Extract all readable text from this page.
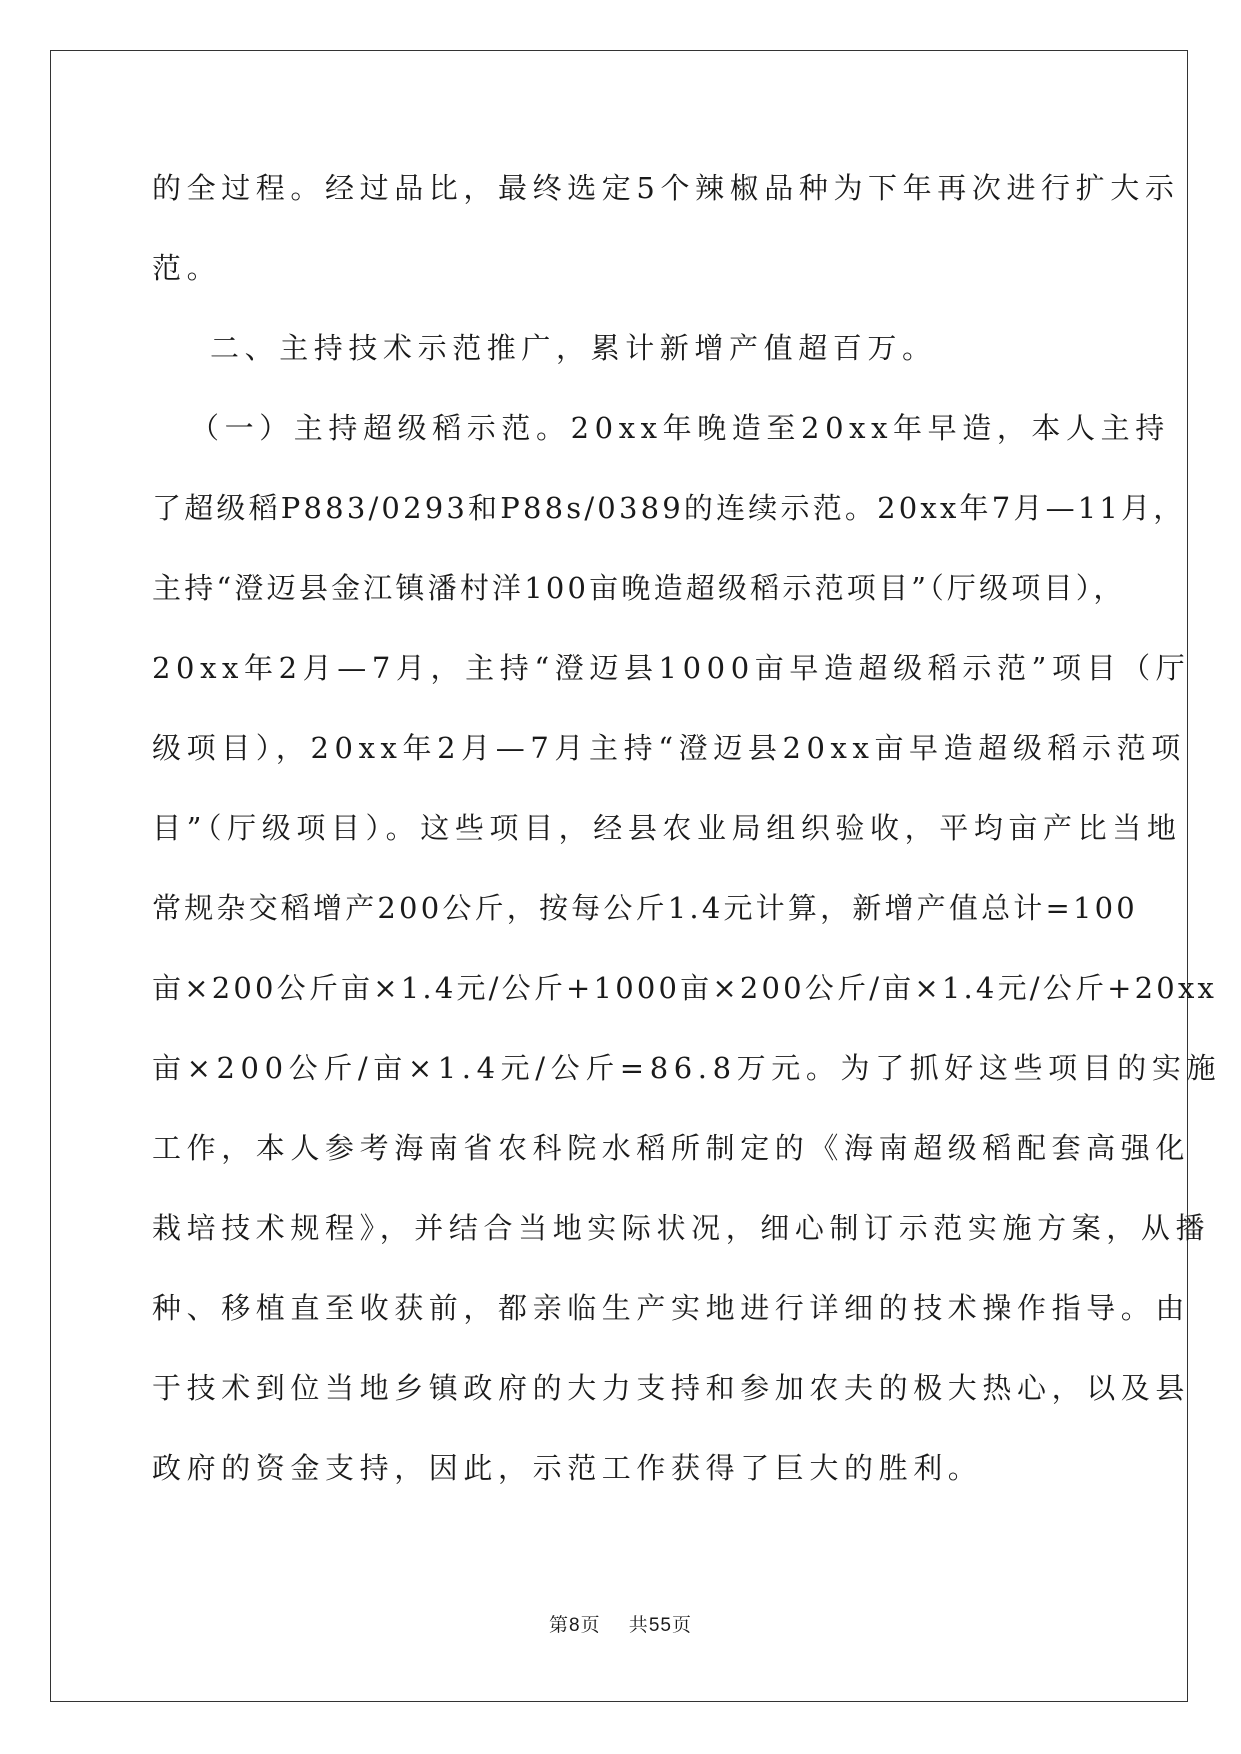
的全过程。经过品比，最终选定5个辣椒品种为下年再次进行扩大示
范。
二、主持技术示范推广，累计新增产值超百万。
（一）主持超级稻示范。20xx年晚造至20xx年早造，本人主持
了超级稻P883/0293和P88s/0389的连续示范。20xx年7月—11月，
主持“澄迈县金江镇潘村洋100亩晚造超级稻示范项目”（厅级项目），
20xx年2月—7月，主持“澄迈县1000亩早造超级稻示范”项目（厅
级项目），20xx年2月—7月主持“澄迈县20xx亩早造超级稻示范项
目”（厅级项目）。这些项目，经县农业局组织验收，平均亩产比当地
常规杂交稻增产200公斤，按每公斤1.4元计算，新增产值总计=100
亩×200公斤亩×1.4元/公斤+1000亩×200公斤/亩×1.4元/公斤+20xx
亩×200公斤/亩×1.4元/公斤=86.8万元。为了抓好这些项目的实施
工作，本人参考海南省农科院水稻所制定的《海南超级稻配套高强化
栽培技术规程》，并结合当地实际状况，细心制订示范实施方案，从播
种、移植直至收获前，都亲临生产实地进行详细的技术操作指导。由
于技术到位当地乡镇政府的大力支持和参加农夫的极大热心，以及县
政府的资金支持，因此，示范工作获得了巨大的胜利。
第8页 共55页
